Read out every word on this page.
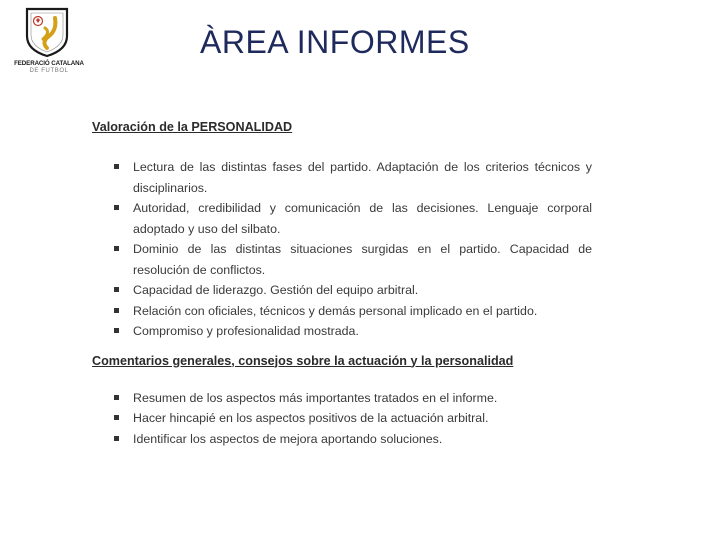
FEDERACIÓ CATALANA
DE FUTBOL
ÀREA INFORMES

Valoración de la PERSONALIDAD

Lectura de las distintas fases del partido. Adaptación de los criterios técnicos y disciplinarios.
Autoridad, credibilidad y comunicación de las decisiones. Lenguaje corporal adoptado y uso del silbato.
Dominio de las distintas situaciones surgidas en el partido. Capacidad de resolución de conflictos.
Capacidad de liderazgo. Gestión del equipo arbitral.
Relación con oficiales, técnicos y demás personal implicado en el partido.
Compromiso y profesionalidad mostrada.

Comentarios generales, consejos sobre la actuación y la personalidad

Resumen de los aspectos más importantes tratados en el informe.
Hacer hincapié en los aspectos positivos de la actuación arbitral.
Identificar los aspectos de mejora aportando soluciones.
